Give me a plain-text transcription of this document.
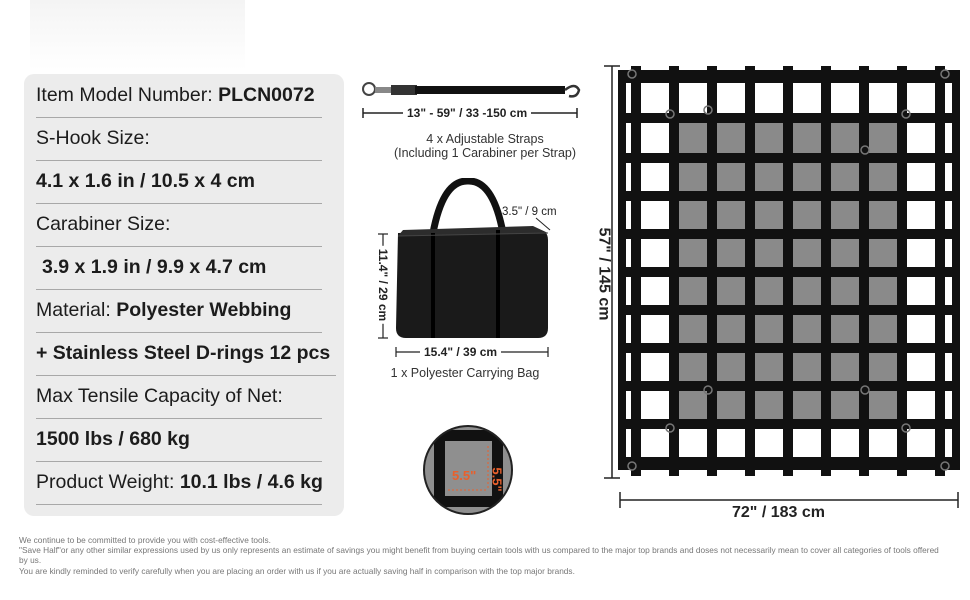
Item Model Number:
PLCN0072
S-Hook Size:
4.1 x 1.6 in / 10.5 x 4 cm
Carabiner Size:
3.9 x 1.9 in / 9.9 x 4.7 cm
Material:
Polyester Webbing
+ Stainless Steel D-rings 12 pcs
Max Tensile Capacity of Net:
1500 lbs / 680 kg
Product Weight:
10.1 lbs / 4.6 kg
13" - 59" / 33 -150 cm
4 x Adjustable Straps
(Including 1 Carabiner per Strap)
3.5" / 9 cm
11.4" / 29 cm
15.4" / 39 cm
1 x Polyester Carrying Bag
5.5" 5.5"
57" / 145 cm
72" / 183 cm
We continue to be committed to provide you with cost-effective tools.
"Save Half"or any other similar expressions used by us only represents an estimate of savings you might benefit from buying certain tools with us compared to the major top brands and doses not necessarily mean to cover all categories of tools offered by us.
You are kindly reminded to verify carefully when you are placing an order with us if you are actually saving half in comparison with the top major brands.
